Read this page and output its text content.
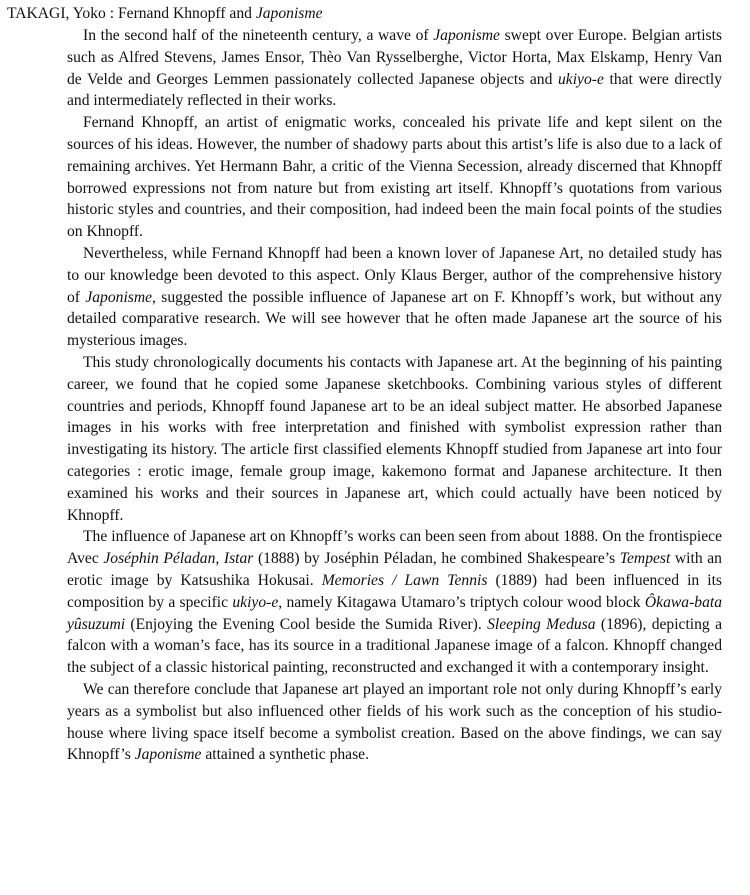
TAKAGI, Yoko : Fernand Khnopff and Japonisme

In the second half of the nineteenth century, a wave of Japonisme swept over Europe. Belgian artists such as Alfred Stevens, James Ensor, Thèo Van Rysselberghe, Victor Horta, Max Elskamp, Henry Van de Velde and Georges Lemmen passionately collected Japanese objects and ukiyo-e that were directly and intermediately reflected in their works.

Fernand Khnopff, an artist of enigmatic works, concealed his private life and kept silent on the sources of his ideas. However, the number of shadowy parts about this artist’s life is also due to a lack of remaining archives. Yet Hermann Bahr, a critic of the Vienna Secession, already discerned that Khnopff borrowed expressions not from nature but from existing art itself. Khnopff’s quotations from various historic styles and countries, and their composition, had indeed been the main focal points of the studies on Khnopff.

Nevertheless, while Fernand Khnopff had been a known lover of Japanese Art, no detailed study has to our knowledge been devoted to this aspect. Only Klaus Berger, author of the comprehensive history of Japonisme, suggested the possible influence of Japanese art on F. Khnopff’s work, but without any detailed comparative research. We will see however that he often made Japanese art the source of his mysterious images.

This study chronologically documents his contacts with Japanese art. At the beginning of his painting career, we found that he copied some Japanese sketchbooks. Combining various styles of different countries and periods, Khnopff found Japanese art to be an ideal subject matter. He absorbed Japanese images in his works with free interpretation and finished with symbolist expression rather than investigating its history. The article first classified elements Khnopff studied from Japanese art into four categories : erotic image, female group image, kakemono format and Japanese architecture. It then examined his works and their sources in Japanese art, which could actually have been noticed by Khnopff.

The influence of Japanese art on Khnopff’s works can been seen from about 1888. On the frontispiece Avec Joséphin Péladan, Istar (1888) by Joséphin Péladan, he combined Shakespeare’s Tempest with an erotic image by Katsushika Hokusai. Memories / Lawn Tennis (1889) had been influenced in its composition by a specific ukiyo-e, namely Kitagawa Utamaro’s triptych colour wood block Ôkawa-bata yûsuzumi (Enjoying the Evening Cool beside the Sumida River). Sleeping Medusa (1896), depicting a falcon with a woman’s face, has its source in a traditional Japanese image of a falcon. Khnopff changed the subject of a classic historical painting, reconstructed and exchanged it with a contemporary insight.

We can therefore conclude that Japanese art played an important role not only during Khnopff’s early years as a symbolist but also influenced other fields of his work such as the conception of his studio-house where living space itself become a symbolist creation. Based on the above findings, we can say Khnopff’s Japonisme attained a synthetic phase.
